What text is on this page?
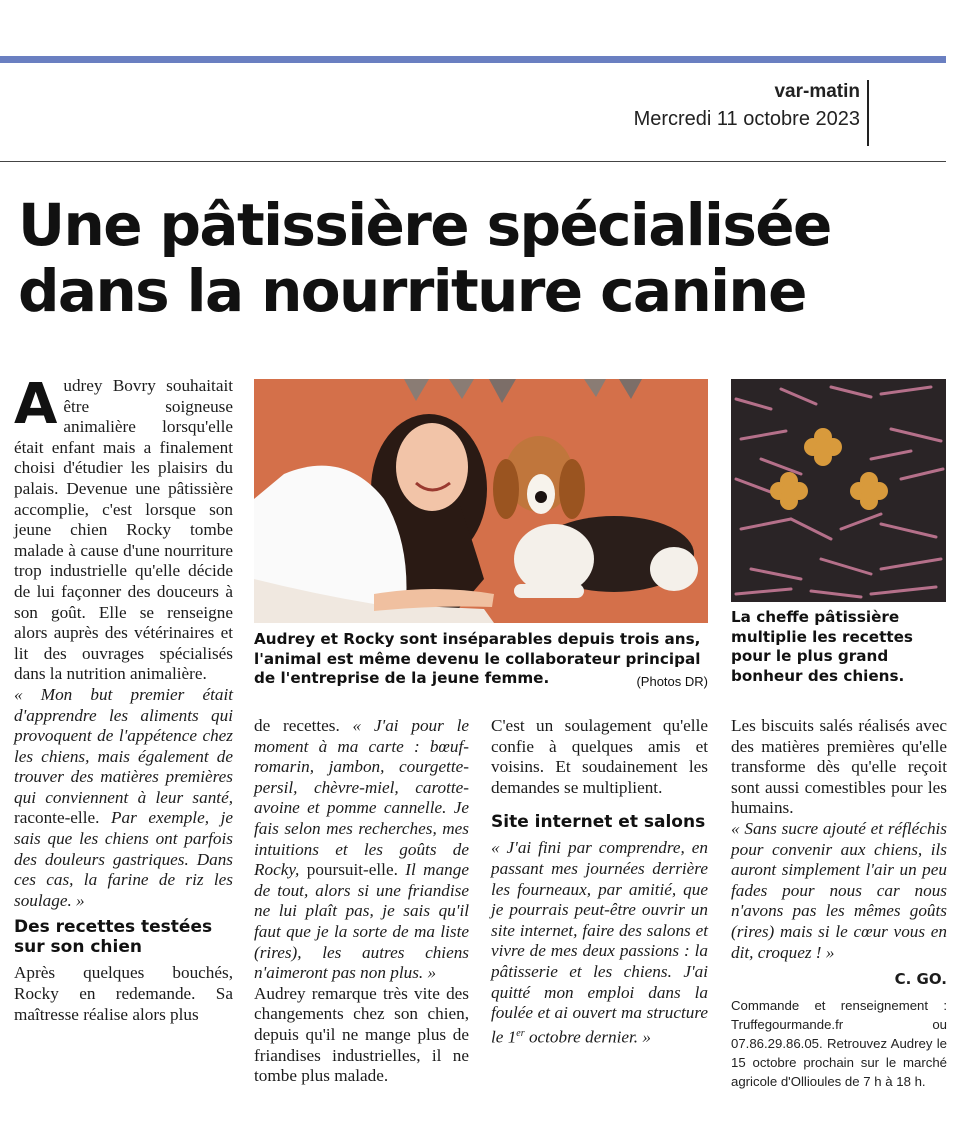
var-matin
Mercredi 11 octobre 2023
Une pâtissière spécialisée
dans la nourriture canine

Audrey Bovry souhaitait être soigneuse animalière lorsqu'elle était enfant mais a finalement choisi d'étudier les plaisirs du palais. Devenue une pâtissière accomplie, c'est lorsque son jeune chien Rocky tombe malade à cause d'une nourriture trop industrielle qu'elle décide de lui façonner des douceurs à son goût. Elle se renseigne alors auprès des vétérinaires et lit des ouvrages spécialisés dans la nutrition animalière.

« Mon but premier était d'apprendre les aliments qui provoquent de l'appétence chez les chiens, mais également de trouver des matières premières qui conviennent à leur santé, raconte-elle. Par exemple, je sais que les chiens ont parfois des douleurs gastriques. Dans ces cas, la farine de riz les soulage. »

Des recettes testées sur son chien

Après quelques bouchés, Rocky en redemande. Sa maîtresse réalise alors plus

Audrey et Rocky sont inséparables depuis trois ans, l'animal est même devenu le collaborateur principal de l'entreprise de la jeune femme.	(Photos DR)
La cheffe pâtissière multiplie les recettes pour le plus grand bonheur des chiens.

de recettes. « J'ai pour le moment à ma carte : bœuf-romarin, jambon, courgette-persil, chèvre-miel, carotte-avoine et pomme cannelle. Je fais selon mes recherches, mes intuitions et les goûts de Rocky, poursuit-elle. Il mange de tout, alors si une friandise ne lui plaît pas, je sais qu'il faut que je la sorte de ma liste (rires), les autres chiens n'aimeront pas non plus. »

Audrey remarque très vite des changements chez son chien, depuis qu'il ne mange plus de friandises industrielles, il ne tombe plus malade.

C'est un soulagement qu'elle confie à quelques amis et voisins. Et soudainement les demandes se multiplient.

Site internet et salons

« J'ai fini par comprendre, en passant mes journées derrière les fourneaux, par amitié, que je pourrais peut-être ouvrir un site internet, faire des salons et vivre de mes deux passions : la pâtisserie et les chiens. J'ai quitté mon emploi dans la foulée et ai ouvert ma structure le 1er octobre dernier. »

Les biscuits salés réalisés avec des matières premières qu'elle transforme dès qu'elle reçoit sont aussi comestibles pour les humains.

« Sans sucre ajouté et réfléchis pour convenir aux chiens, ils auront simplement l'air un peu fades pour nous car nous n'avons pas les mêmes goûts (rires) mais si le cœur vous en dit, croquez ! »

C. GO.

Commande et renseignement : Truffegourmande.fr ou 07.86.29.86.05. Retrouvez Audrey le 15 octobre prochain sur le marché agricole d'Ollioules de 7 h à 18 h.
